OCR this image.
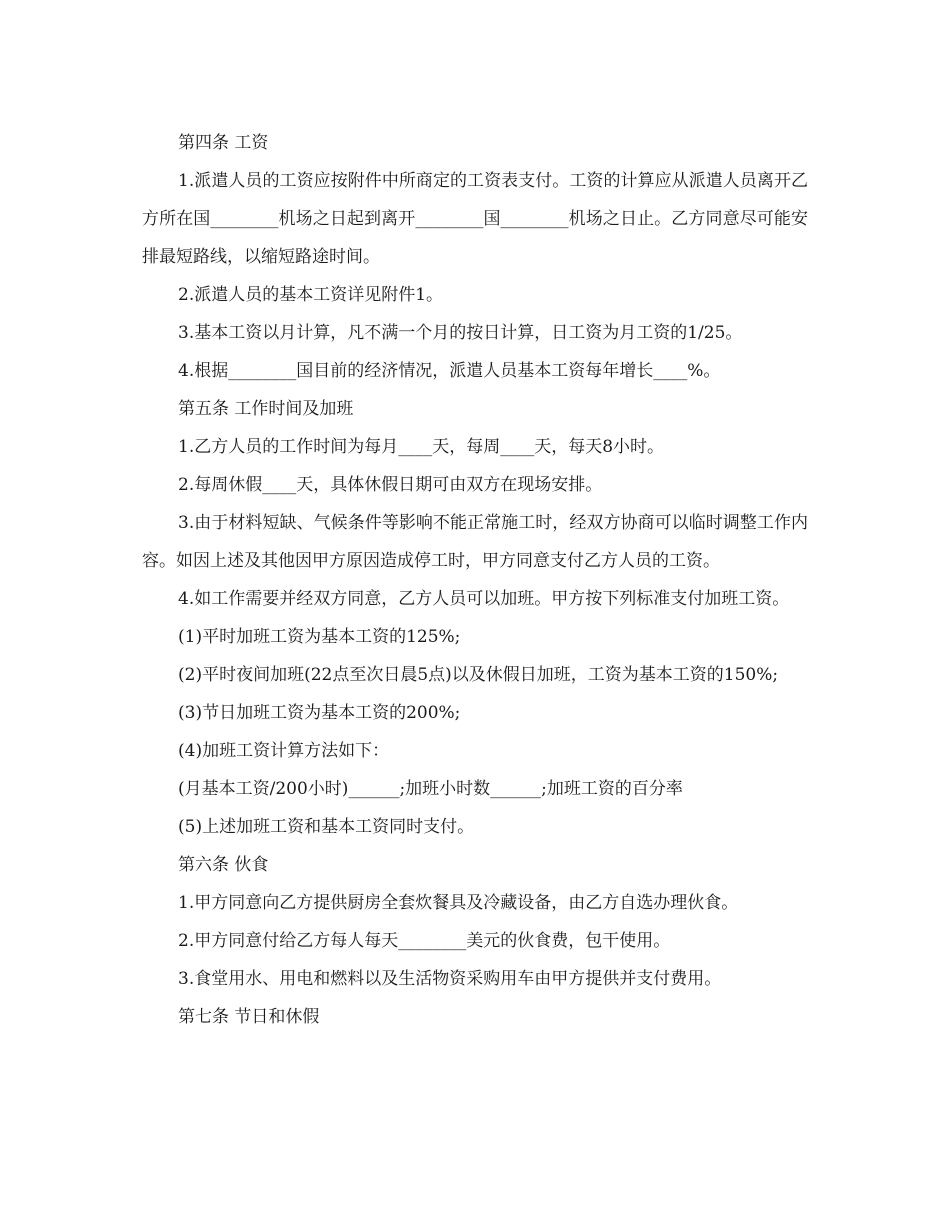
第四条 工资

1.派遣人员的工资应按附件中所商定的工资表支付。工资的计算应从派遣人员离开乙方所在国________机场之日起到离开________国________机场之日止。乙方同意尽可能安排最短路线，以缩短路途时间。

2.派遣人员的基本工资详见附件1。

3.基本工资以月计算，凡不满一个月的按日计算，日工资为月工资的1/25。

4.根据________国目前的经济情况，派遣人员基本工资每年增长____%。

第五条 工作时间及加班

1.乙方人员的工作时间为每月____天，每周____天，每天8小时。

2.每周休假____天，具体休假日期可由双方在现场安排。

3.由于材料短缺、气候条件等影响不能正常施工时，经双方协商可以临时调整工作内容。如因上述及其他因甲方原因造成停工时，甲方同意支付乙方人员的工资。

4.如工作需要并经双方同意，乙方人员可以加班。甲方按下列标准支付加班工资。

(1)平时加班工资为基本工资的125%;

(2)平时夜间加班(22点至次日晨5点)以及休假日加班，工资为基本工资的150%;

(3)节日加班工资为基本工资的200%;

(4)加班工资计算方法如下：

(月基本工资/200小时)______;加班小时数______;加班工资的百分率

(5)上述加班工资和基本工资同时支付。

第六条 伙食

1.甲方同意向乙方提供厨房全套炊餐具及冷藏设备，由乙方自选办理伙食。

2.甲方同意付给乙方每人每天________美元的伙食费，包干使用。

3.食堂用水、用电和燃料以及生活物资采购用车由甲方提供并支付费用。

第七条 节日和休假
